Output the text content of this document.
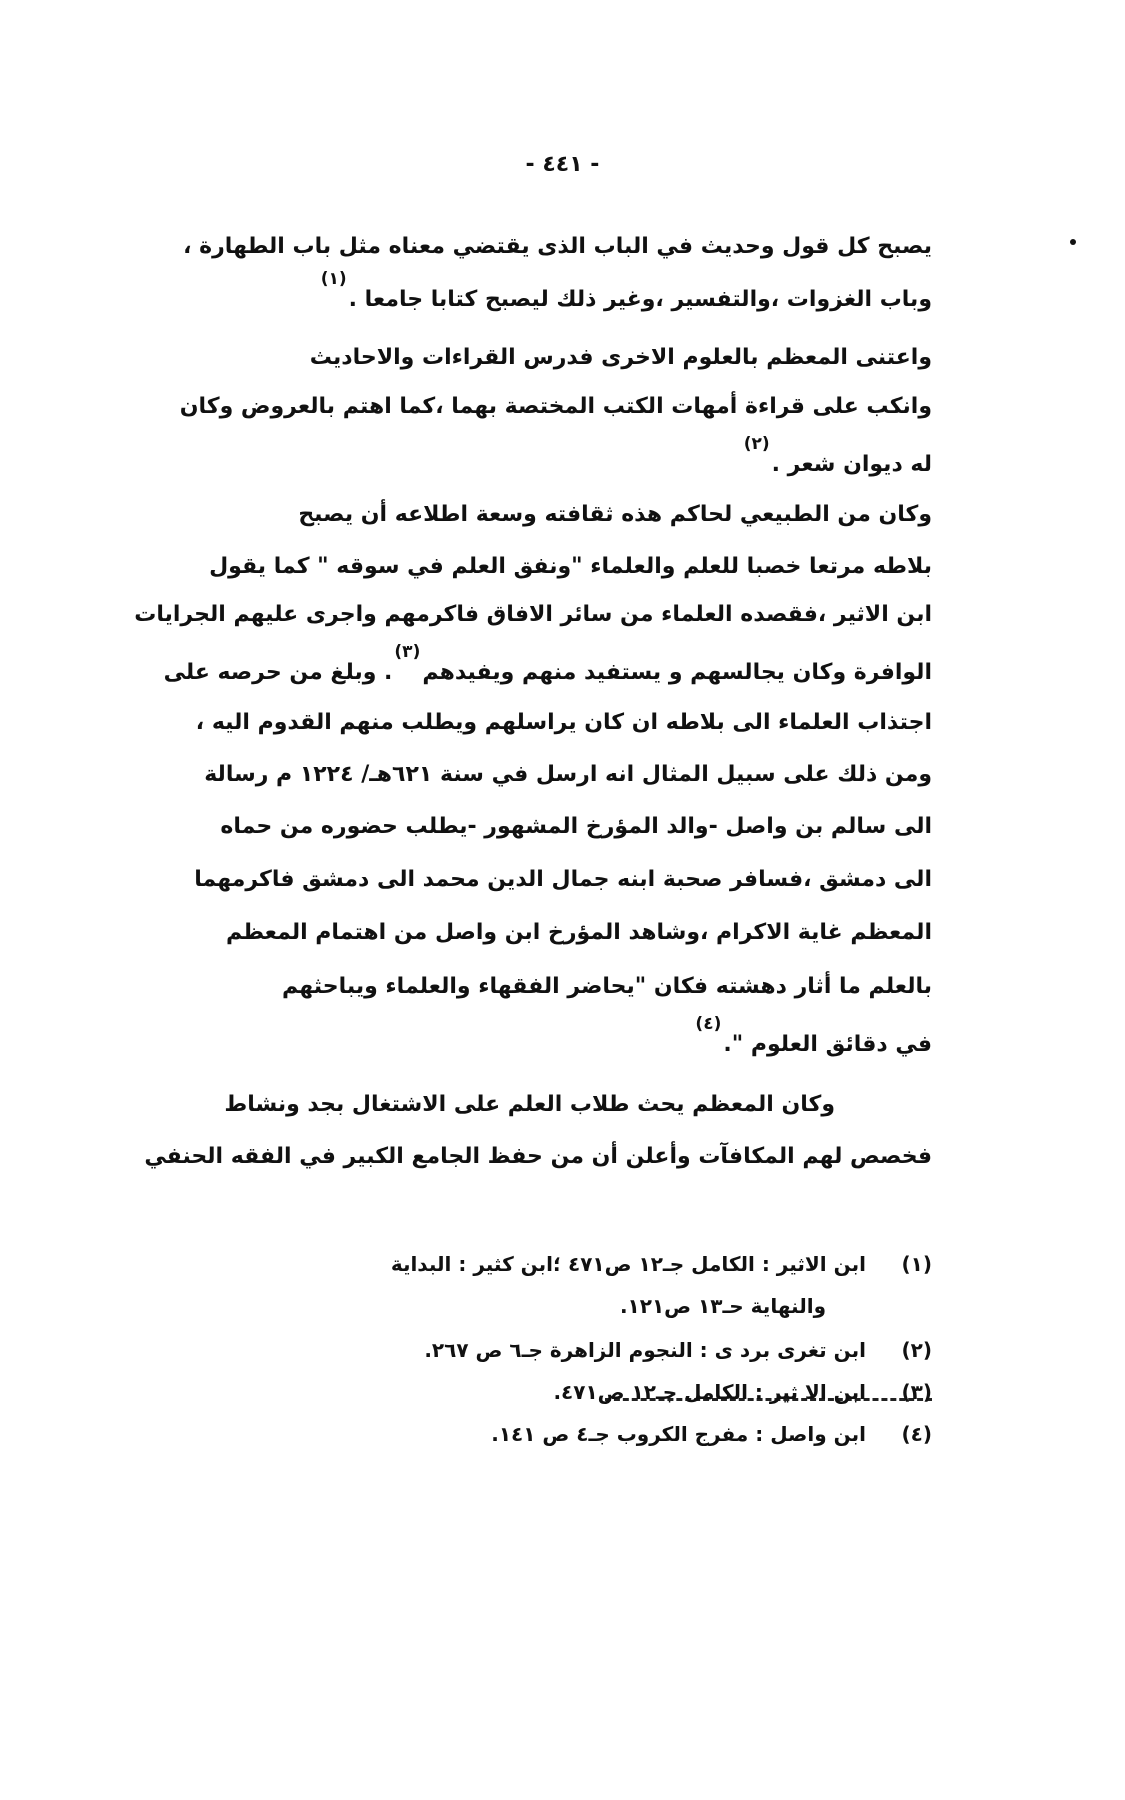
- ٤٤١ -
يصبح كل قول وحديث في الباب الذى يقتضي معناه مثل باب الطهارة ،
وباب الغزوات ،والتفسير ،وغير ذلك ليصبح كتابا جامعا .$^{(١)}$
واعتنى المعظم بالعلوم الاخرى فدرس القراءات والاحاديث
وانكب على قراءة أمهات الكتب المختصة بهما ،كما اهتم بالعروض وكان
له ديوان شعر .$^{(٢)}$
وكان من الطبيعي لحاكم هذه ثقافته وسعة اطلاعه أن يصبح
بلاطه مرتعا خصبا للعلم والعلماء "ونفق العلم في سوقه " كما يقول
ابن الاثير ،فقصده العلماء من سائر الافاق فاكرمهم واجرى عليهم الجرايات
الوافرة وكان يجالسهم و يستفيد منهم ويفيدهم$^{(٣)}$. وبلغ من حرصه على
اجتذاب العلماء الى بلاطه ان كان يراسلهم ويطلب منهم القدوم اليه ،
ومن ذلك على سبيل المثال انه ارسل في سنة ٦٢١هـ/ ١٢٢٤ م رسالة
الى سالم بن واصل -والد المؤرخ المشهور -يطلب حضوره من حماه
الى دمشق ،فسافر صحبة ابنه جمال الدين محمد الى دمشق فاكرمهما
المعظم غاية الاكرام ،وشاهد المؤرخ ابن واصل من اهتمام المعظم
بالعلم ما أثار دهشته فكان "يحاضر الفقهاء والعلماء ويباحثهم
في دقائق العلوم ".$^{(٤)}$
وكان المعظم يحث طلاب العلم على الاشتغال بجد ونشاط
فخصص لهم المكافآت وأعلن أن من حفظ الجامع الكبير في الفقه الحنفي
(١)ابن الاثير : الكامل جـ١٢ ص٤٧١ ؛ابن كثير : البداية
والنهاية حـ١٣ ص١٢١.
(٢)ابن تغرى برد ى : النجوم الزاهرة جـ٦ ص ٢٦٧.
(٣)ابن الا ثير : الكامل جـ١٢ ص٤٧١.
(٤)ابن واصل : مفرج الكروب جـ٤ ص ١٤١.
